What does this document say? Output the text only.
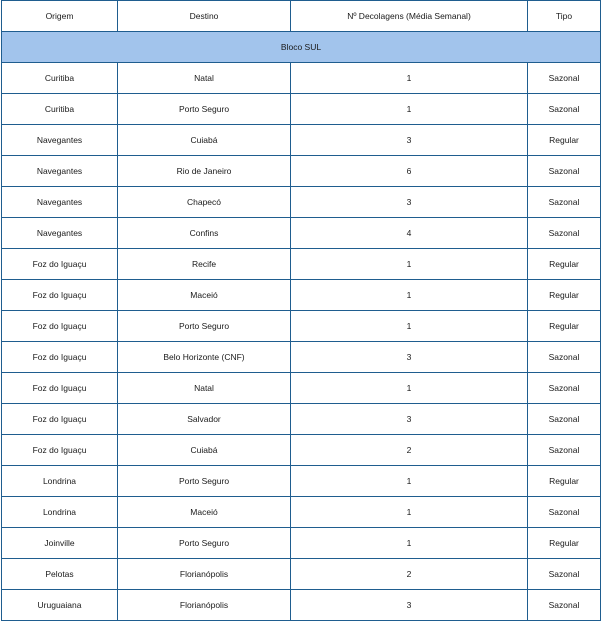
Origem	Destino	Nº Decolagens (Média Semanal)	Tipo
Bloco SUL			
Curitiba	Natal	1	Sazonal
Curitiba	Porto Seguro	1	Sazonal
Navegantes	Cuiabá	3	Regular
Navegantes	Rio de Janeiro	6	Sazonal
Navegantes	Chapecó	3	Sazonal
Navegantes	Confins	4	Sazonal
Foz do Iguaçu	Recife	1	Regular
Foz do Iguaçu	Maceió	1	Regular
Foz do Iguaçu	Porto Seguro	1	Regular
Foz do Iguaçu	Belo Horizonte (CNF)	3	Sazonal
Foz do Iguaçu	Natal	1	Sazonal
Foz do Iguaçu	Salvador	3	Sazonal
Foz do Iguaçu	Cuiabá	2	Sazonal
Londrina	Porto Seguro	1	Regular
Londrina	Maceió	1	Sazonal
Joinville	Porto Seguro	1	Regular
Pelotas	Florianópolis	2	Sazonal
Uruguaiana	Florianópolis	3	Sazonal
